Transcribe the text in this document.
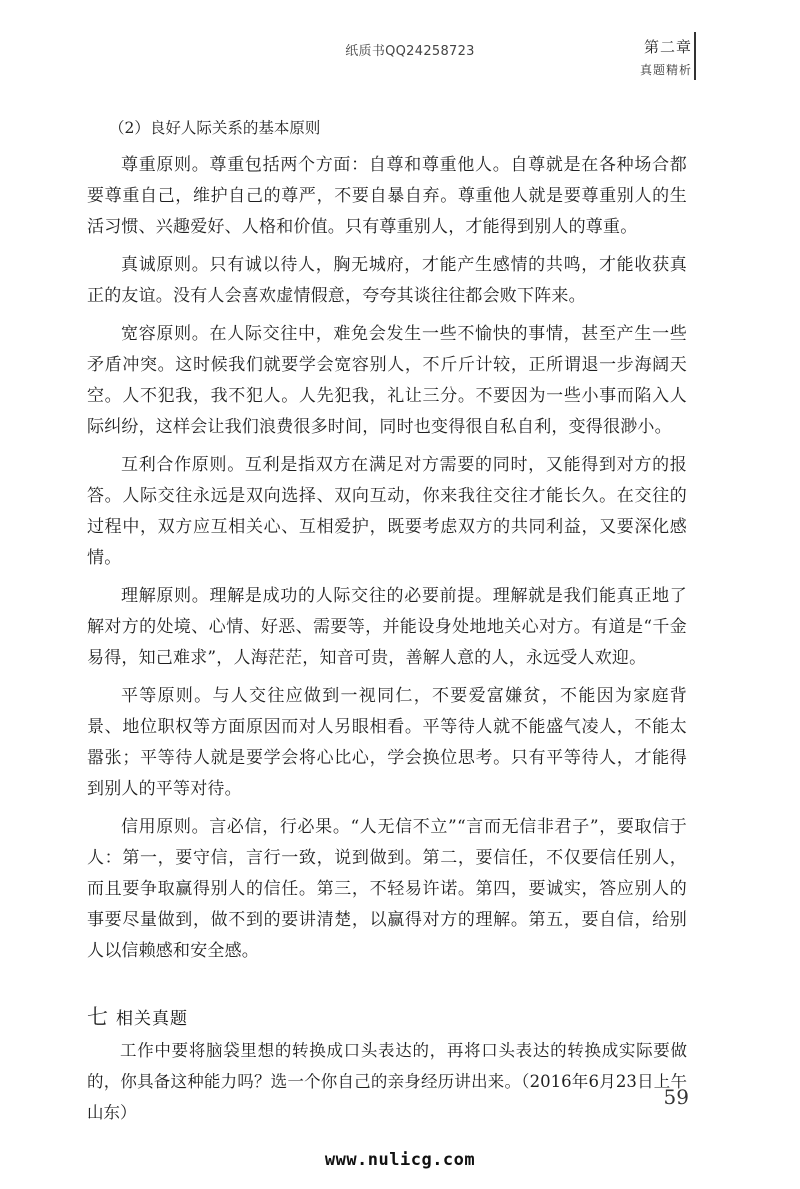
纸质书QQ24258723	第二章
真题精析
（2）良好人际关系的基本原则

尊重原则。尊重包括两个方面：自尊和尊重他人。自尊就是在各种场合都要尊重自己，维护自己的尊严，不要自暴自弃。尊重他人就是要尊重别人的生活习惯、兴趣爱好、人格和价值。只有尊重别人，才能得到别人的尊重。

真诚原则。只有诚以待人，胸无城府，才能产生感情的共鸣，才能收获真正的友谊。没有人会喜欢虚情假意，夸夸其谈往往都会败下阵来。

宽容原则。在人际交往中，难免会发生一些不愉快的事情，甚至产生一些矛盾冲突。这时候我们就要学会宽容别人，不斤斤计较，正所谓退一步海阔天空。人不犯我，我不犯人。人先犯我，礼让三分。不要因为一些小事而陷入人际纠纷，这样会让我们浪费很多时间，同时也变得很自私自利，变得很渺小。

互利合作原则。互利是指双方在满足对方需要的同时，又能得到对方的报答。人际交往永远是双向选择、双向互动，你来我往交往才能长久。在交往的过程中，双方应互相关心、互相爱护，既要考虑双方的共同利益，又要深化感情。

理解原则。理解是成功的人际交往的必要前提。理解就是我们能真正地了解对方的处境、心情、好恶、需要等，并能设身处地地关心对方。有道是“千金易得，知己难求”，人海茫茫，知音可贵，善解人意的人，永远受人欢迎。

平等原则。与人交往应做到一视同仁，不要爱富嫌贫，不能因为家庭背景、地位职权等方面原因而对人另眼相看。平等待人就不能盛气凌人，不能太嚣张；平等待人就是要学会将心比心，学会换位思考。只有平等待人，才能得到别人的平等对待。

信用原则。言必信，行必果。“人无信不立”“言而无信非君子”，要取信于人：第一，要守信，言行一致，说到做到。第二，要信任，不仅要信任别人，而且要争取赢得别人的信任。第三，不轻易许诺。第四，要诚实，答应别人的事要尽量做到，做不到的要讲清楚，以赢得对方的理解。第五，要自信，给别人以信赖感和安全感。

七 相关真题

工作中要将脑袋里想的转换成口头表达的，再将口头表达的转换成实际要做的，你具备这种能力吗？选一个你自己的亲身经历讲出来。（2016年6月23日上午山东）

59
www.nulicg.com
